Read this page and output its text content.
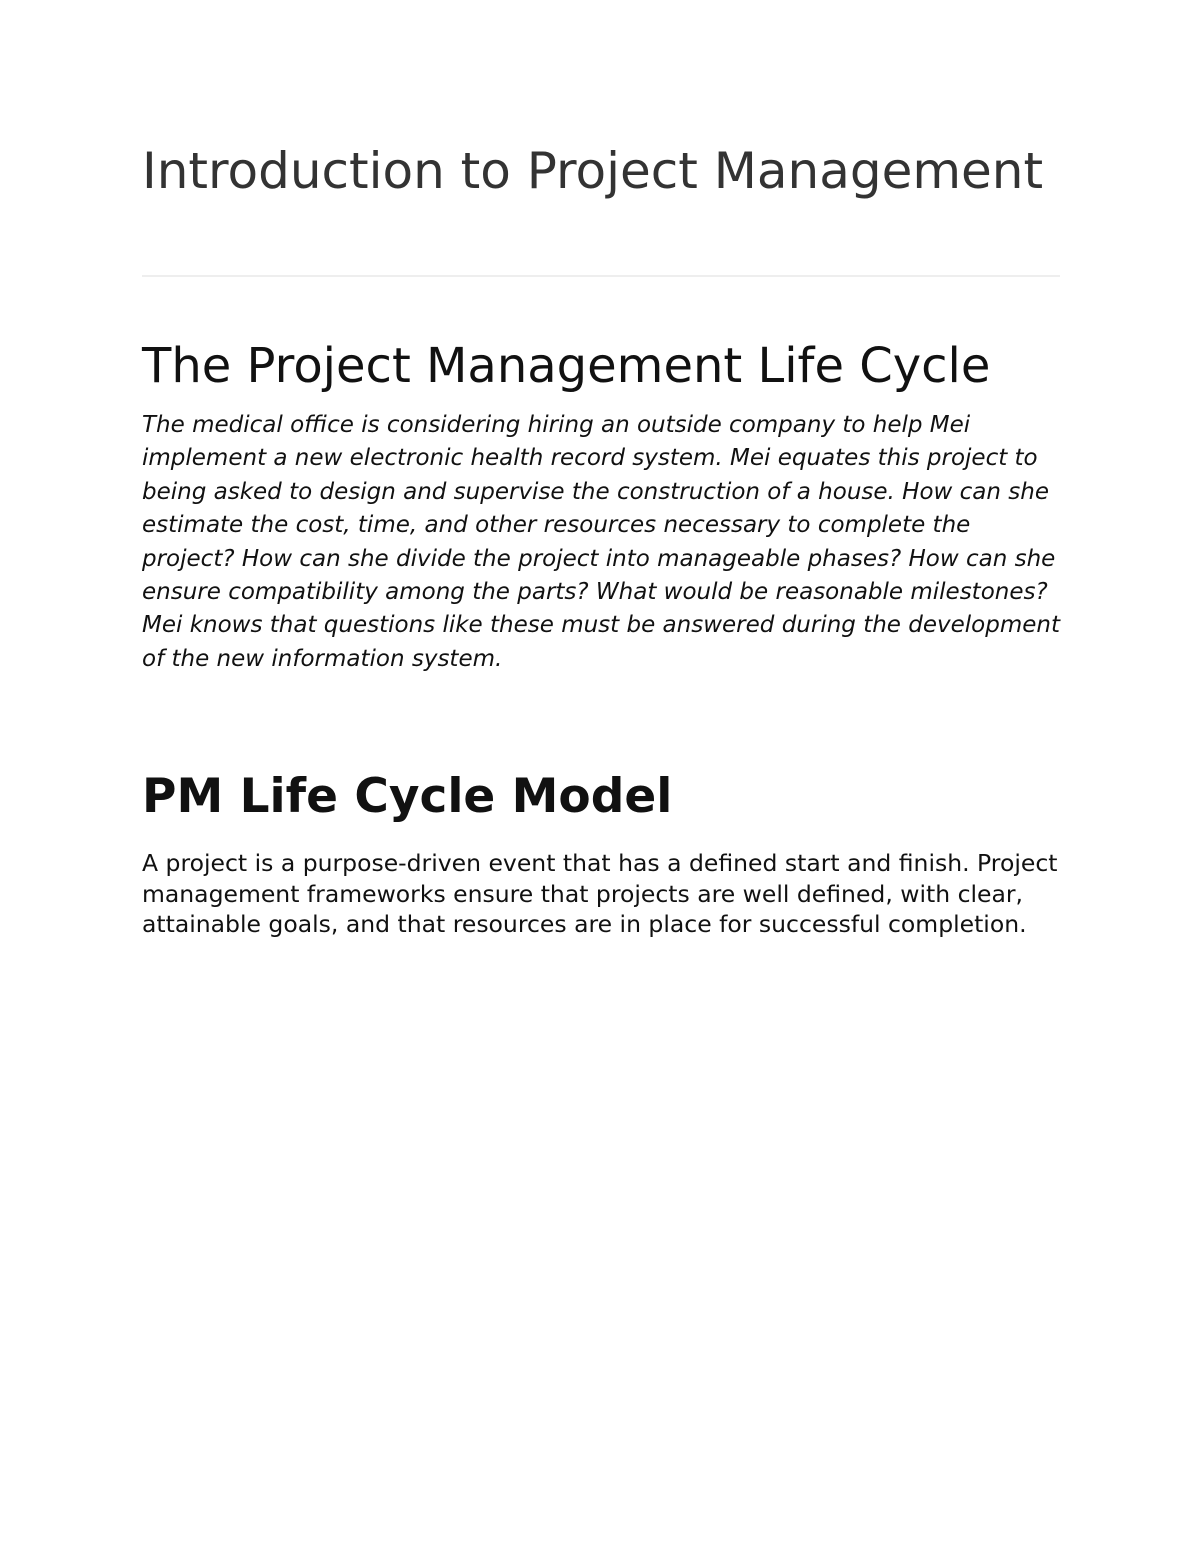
Introduction to Project Management
The Project Management Life Cycle

The medical office is considering hiring an outside company to help Mei implement a new electronic health record system. Mei equates this project to being asked to design and supervise the construction of a house. How can she estimate the cost, time, and other resources necessary to complete the project? How can she divide the project into manageable phases? How can she ensure compatibility among the parts? What would be reasonable milestones? Mei knows that questions like these must be answered during the development of the new information system.

PM Life Cycle Model

A project is a purpose-driven event that has a defined start and finish. Project management frameworks ensure that projects are well defined, with clear, attainable goals, and that resources are in place for successful completion.
